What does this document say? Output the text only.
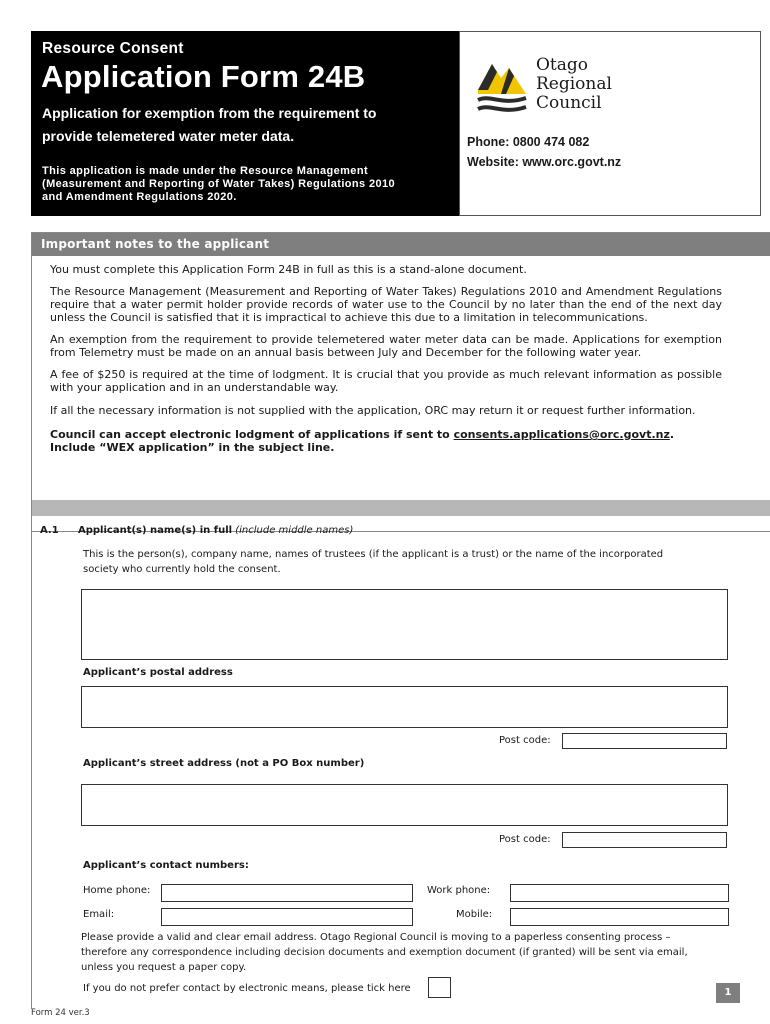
Resource Consent
Application Form 24B
Application for exemption from the requirement to
provide telemetered water meter data.
This application is made under the Resource Management
(Measurement and Reporting of Water Takes) Regulations 2010
and Amendment Regulations 2020.
Otago
Regional
Council
Phone: 0800 474 082
Website: www.orc.govt.nz
Important notes to the applicant

You must complete this Application Form 24B in full as this is a stand-alone document.

The Resource Management (Measurement and Reporting of Water Takes) Regulations 2010 and Amendment Regulations require that a water permit holder provide records of water use to the Council by no later than the end of the next day unless the Council is satisfied that it is impractical to achieve this due to a limitation in telecommunications.

An exemption from the requirement to provide telemetered water meter data can be made. Applications for exemption from Telemetry must be made on an annual basis between July and December for the following water year.

A fee of $250 is required at the time of lodgment. It is crucial that you provide as much relevant information as possible with your application and in an understandable way.

If all the necessary information is not supplied with the application, ORC may return it or request further information.

Council can accept electronic lodgment of applications if sent to consents.applications@orc.govt.nz.
Include “WEX application” in the subject line.

A.1 Applicant(s) name(s) in full (include middle names)
This is the person(s), company name, names of trustees (if the applicant is a trust) or the name of the incorporated
society who currently hold the consent.
Applicant’s postal address
Post code:
Applicant’s street address (not a PO Box number)
Post code:
Applicant’s contact numbers:
Home phone:	Work phone:
Email:	Mobile:
Please provide a valid and clear email address. Otago Regional Council is moving to a paperless consenting process –
therefore any correspondence including decision documents and exemption document (if granted) will be sent via email,
unless you request a paper copy.
If you do not prefer contact by electronic means, please tick here	1
Form 24 ver.3
